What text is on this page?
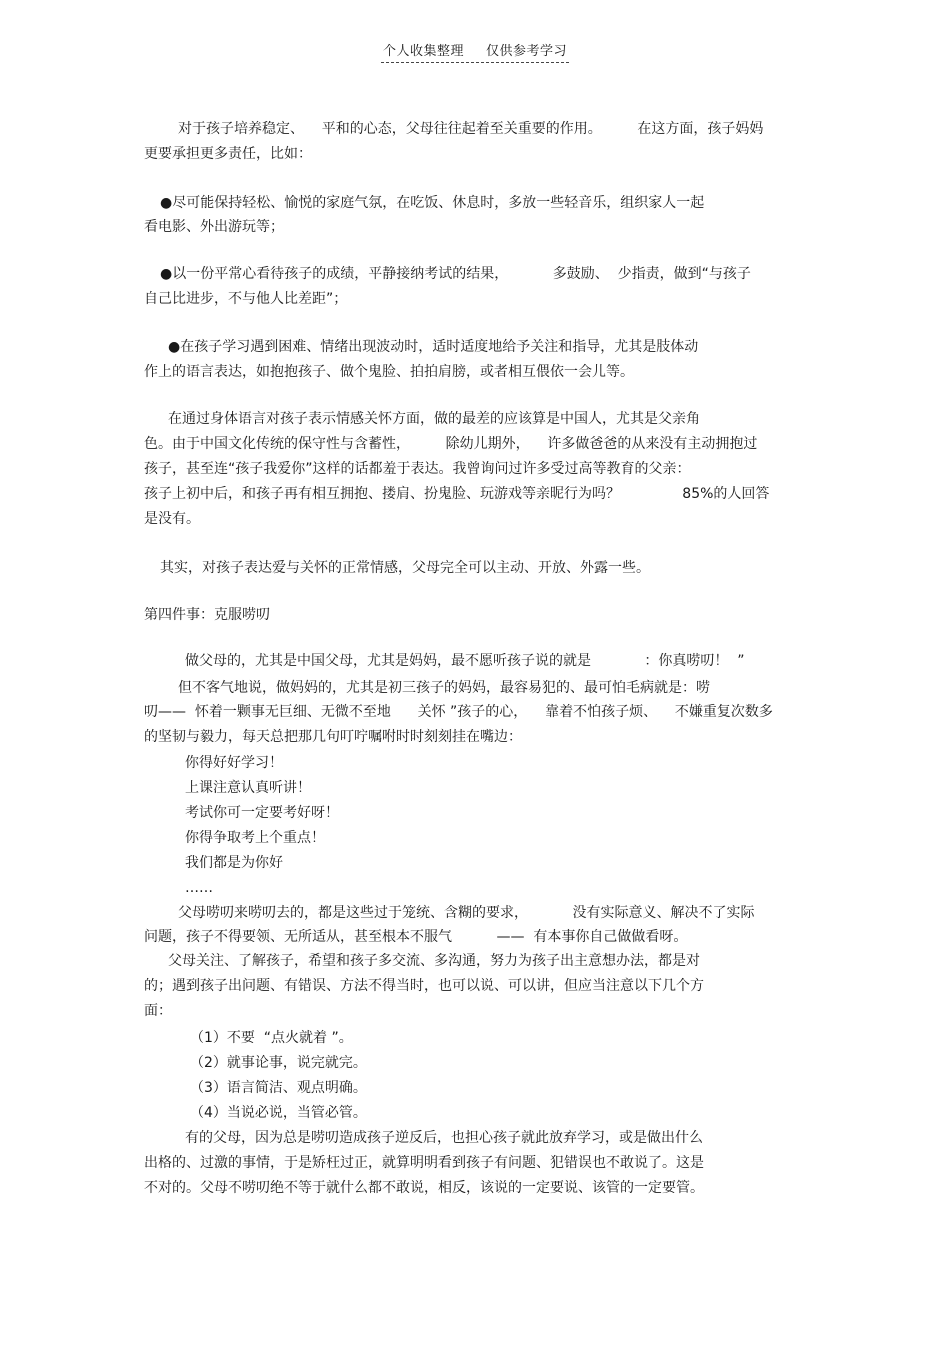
个人收集整理 仅供参考学习
对于孩子培养稳定、    平和的心态，父母往往起着至关重要的作用。        在这方面，孩子妈妈
更要承担更多责任，比如：
●尽可能保持轻松、愉悦的家庭气氛，在吃饭、休息时，多放一些轻音乐，组织家人一起
看电影、外出游玩等；
●以一份平常心看待孩子的成绩，平静接纳考试的结果，          多鼓励、  少指责，做到“与孩子
自己比进步，不与他人比差距”；
●在孩子学习遇到困难、情绪出现波动时，适时适度地给予关注和指导，尤其是肢体动
作上的语言表达，如抱抱孩子、做个鬼脸、拍拍肩膀，或者相互偎依一会儿等。
在通过身体语言对孩子表示情感关怀方面，做的最差的应该算是中国人，尤其是父亲角
色。由于中国文化传统的保守性与含蓄性，        除幼儿期外，    许多做爸爸的从来没有主动拥抱过
孩子，甚至连“孩子我爱你”这样的话都羞于表达。我曾询问过许多受过高等教育的父亲：
孩子上初中后，和孩子再有相互拥抱、搂肩、扮鬼脸、玩游戏等亲昵行为吗？              85%的人回答
是没有。
其实，对孩子表达爱与关怀的正常情感，父母完全可以主动、开放、外露一些。
第四件事：克服唠叨
做父母的，尤其是中国父母，尤其是妈妈，最不愿听孩子说的就是            ：你真唠叨！  ”
但不客气地说，做妈妈的，尤其是初三孩子的妈妈，最容易犯的、最可怕毛病就是：唠
叨——  怀着一颗事无巨细、无微不至地      关怀 ”孩子的心，    靠着不怕孩子烦、    不嫌重复次数多
的坚韧与毅力，每天总把那几句叮咛嘱咐时时刻刻挂在嘴边：
你得好好学习！
上课注意认真听讲！
考试你可一定要考好呀！
你得争取考上个重点！
我们都是为你好
……
父母唠叨来唠叨去的，都是这些过于笼统、含糊的要求，          没有实际意义、解决不了实际
问题，孩子不得要领、无所适从，甚至根本不服气          ——  有本事你自己做做看呀。
父母关注、了解孩子，希望和孩子多交流、多沟通，努力为孩子出主意想办法，都是对
的；遇到孩子出问题、有错误、方法不得当时，也可以说、可以讲，但应当注意以下几个方
面：
（1）不要  “点火就着 ”。
（2）就事论事，说完就完。
（3）语言简洁、观点明确。
（4）当说必说，当管必管。
有的父母，因为总是唠叨造成孩子逆反后，也担心孩子就此放弃学习，或是做出什么
出格的、过激的事情，于是矫枉过正，就算明明看到孩子有问题、犯错误也不敢说了。这是
不对的。父母不唠叨绝不等于就什么都不敢说，相反，该说的一定要说、该管的一定要管。
